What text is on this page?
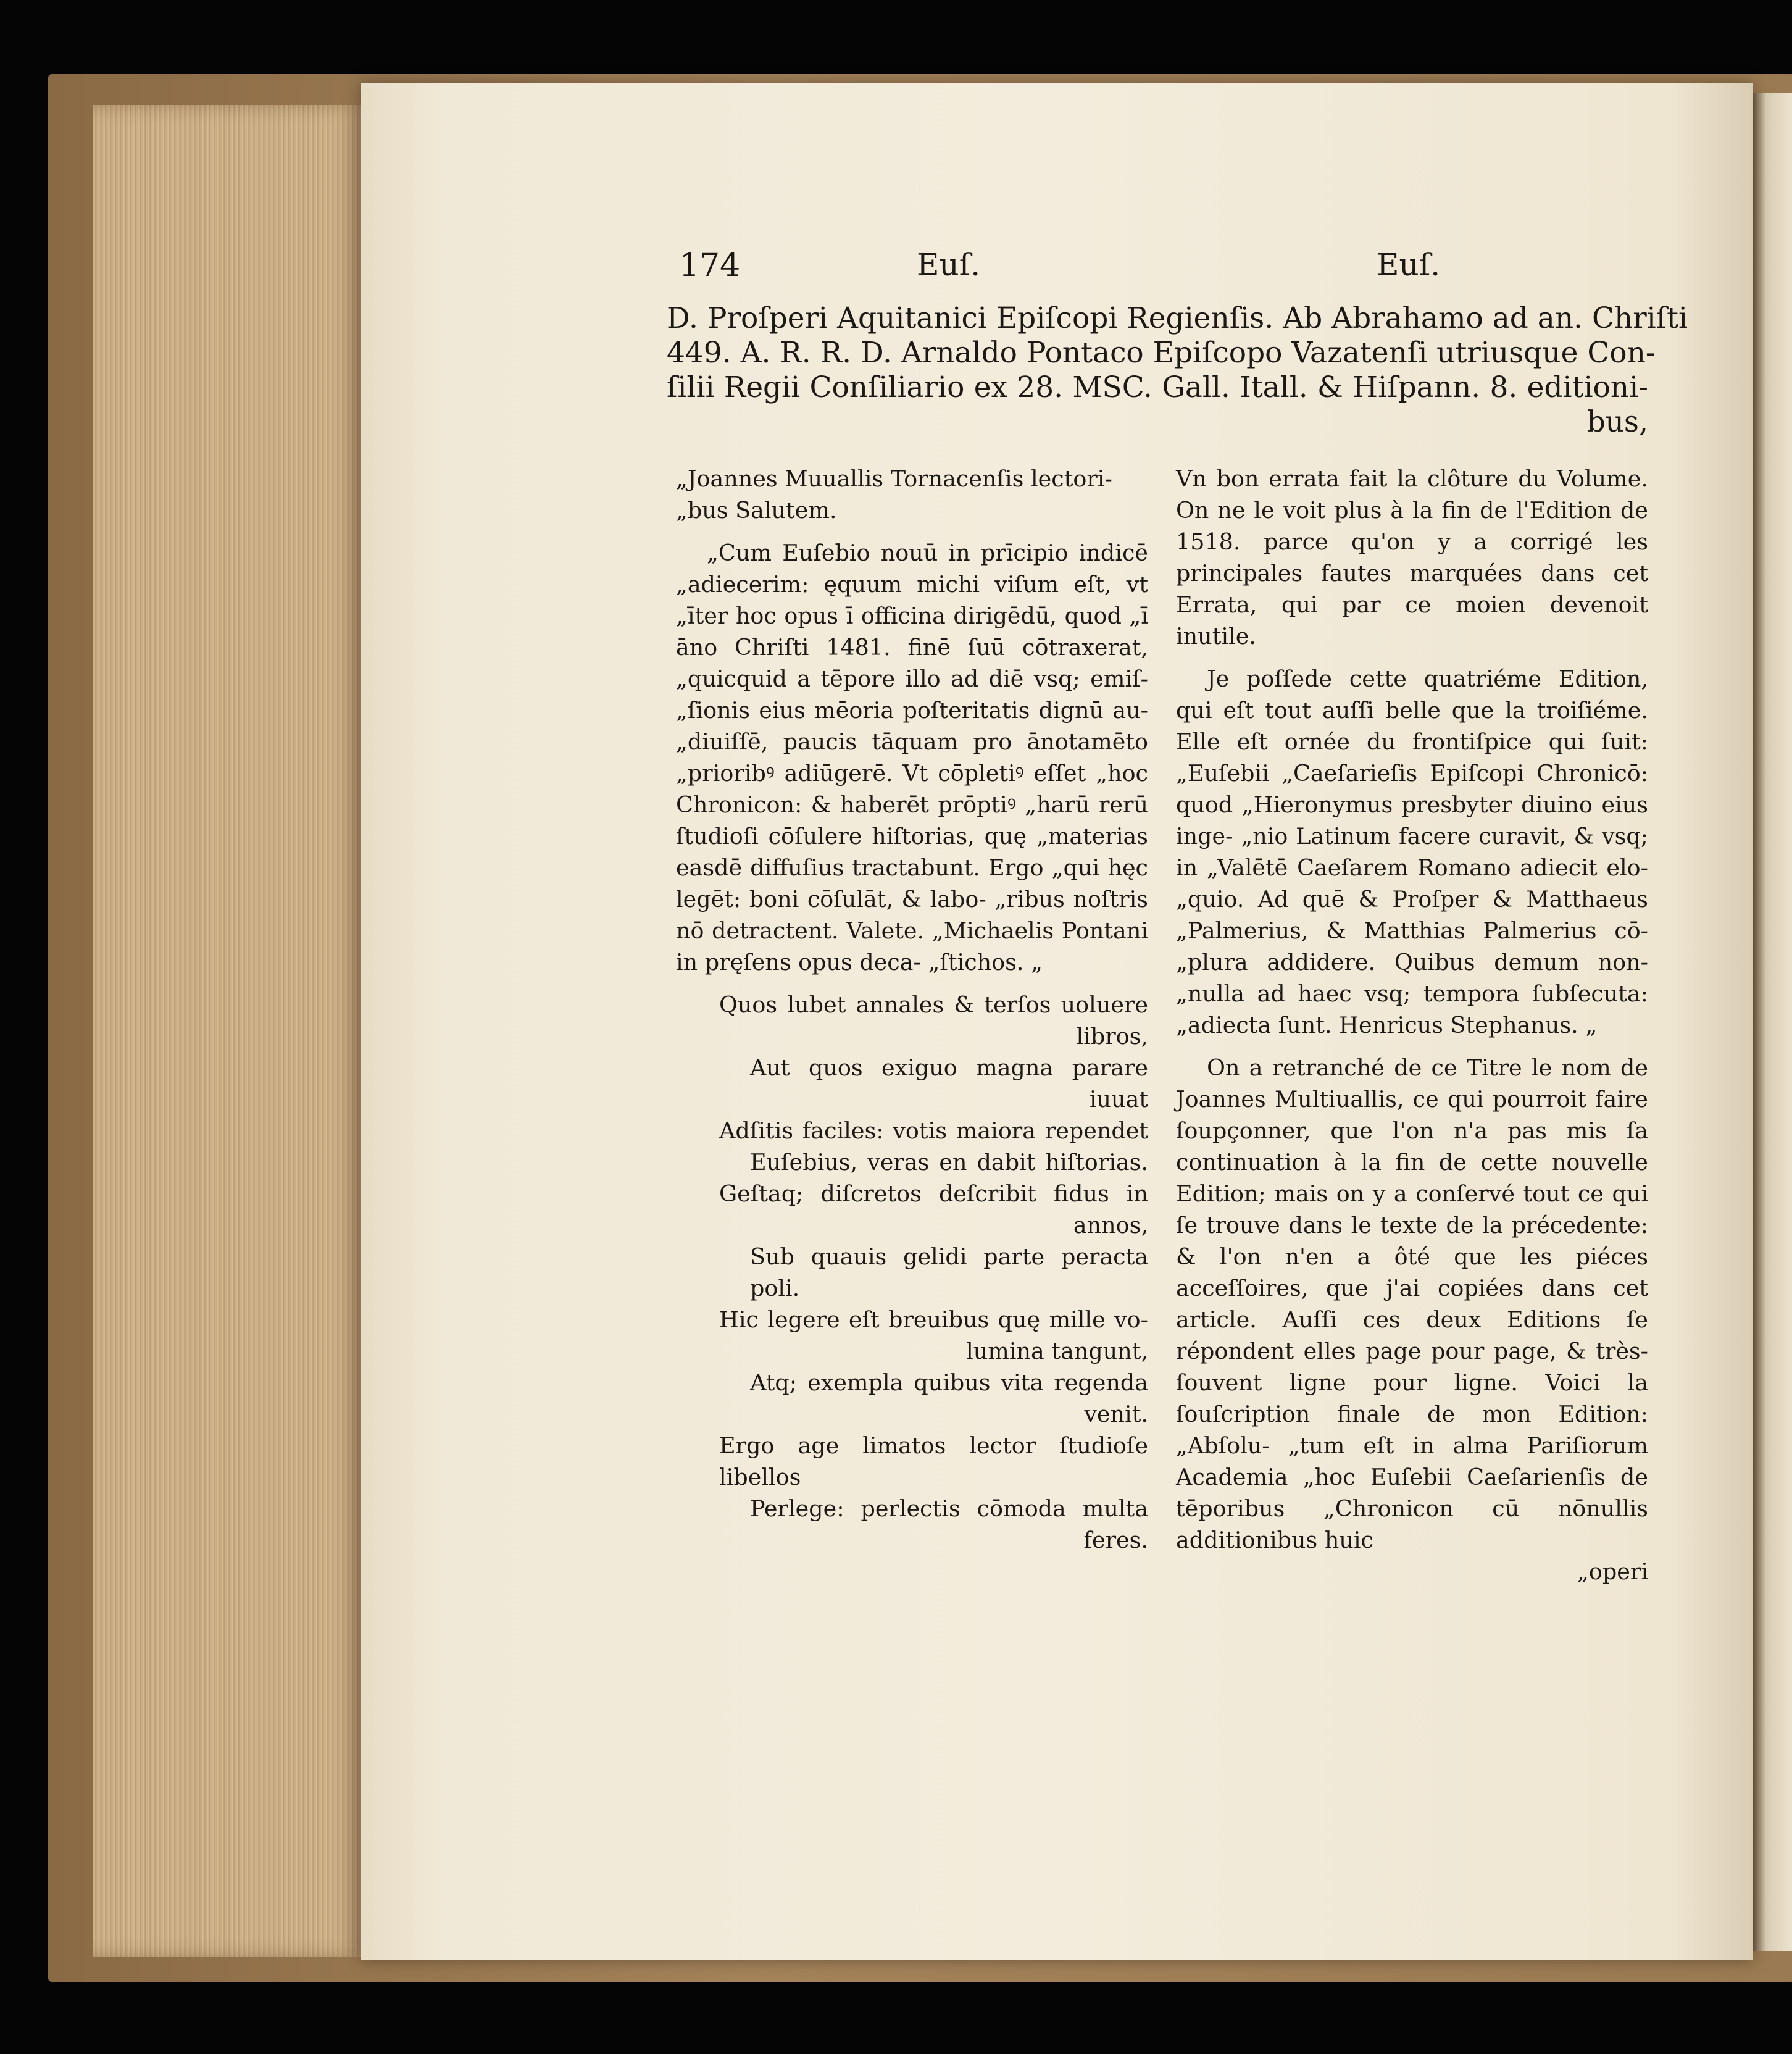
174	Euſ.	Euſ.
D. Proſperi Aquitanici Epiſcopi Regienſis. Ab Abrahamo ad an. Chriſti
449. A. R. R. D. Arnaldo Pontaco Epiſcopo Vazatenſi utriusque Con-
ſilii Regii Conſiliario ex 28. MSC. Gall. Itall. & Hiſpann. 8. editioni-
bus,

„Joannes Muuallis Tornacenſis lectori-
„bus Salutem.

„Cum Euſebio nouū in prīcipio indicē „adiecerim: ęquum michi viſum eſt, vt „īter hoc opus ī officina dirigēdū, quod „ī āno Chriſti 1481. finē ſuū cōtraxerat, „quicquid a tēpore illo ad diē vsq; emiſ- „ſionis eius mēoria poſteritatis dignū au- „diuiſſē, paucis tāquam pro ānotamēto „prioribꝰ adiūgerē. Vt cōpletiꝰ eſſet „hoc Chronicon: & haberēt prōptiꝰ „harū rerū ſtudioſi cōſulere hiſtorias, quę „materias easdē diffuſius tractabunt. Ergo „qui hęc legēt: boni cōſulāt, & labo- „ribus noſtris nō detractent. Valete. „Michaelis Pontani in pręſens opus deca- „ſtichos. „

Quos lubet annales & terſos uoluere
libros,
Aut quos exiguo magna parare
iuuat
Adſitis faciles: votis maiora rependet
Euſebius, veras en dabit hiſtorias.
Geſtaq; diſcretos deſcribit fidus in
annos,
Sub quauis gelidi parte peracta poli.
Hic legere eſt breuibus quę mille vo-
lumina tangunt,
Atq; exempla quibus vita regenda
venit.
Ergo age limatos lector ſtudioſe libellos
Perlege: perlectis cōmoda multa
feres.

Vn bon errata fait la clôture du Volume. On ne le voit plus à la fin de l'Edition de 1518. parce qu'on y a corrigé les principales fautes marquées dans cet Errata, qui par ce moien devenoit inutile.

Je poſſede cette quatriéme Edition, qui eſt tout auſſi belle que la troiſiéme. Elle eſt ornée du frontiſpice qui ſuit: „Euſebii „Caeſarieſis Epiſcopi Chronicō: quod „Hieronymus presbyter diuino eius inge- „nio Latinum facere curavit, & vsq; in „Valētē Caeſarem Romano adiecit elo- „quio. Ad quē & Proſper & Matthaeus „Palmerius, & Matthias Palmerius cō- „plura addidere. Quibus demum non- „nulla ad haec vsq; tempora ſubſecuta: „adiecta ſunt. Henricus Stephanus. „

On a retranché de ce Titre le nom de Joannes Multiuallis, ce qui pourroit faire ſoupçonner, que l'on n'a pas mis ſa continuation à la fin de cette nouvelle Edition; mais on y a conſervé tout ce qui ſe trouve dans le texte de la précedente: & l'on n'en a ôté que les piéces acceſſoires, que j'ai copiées dans cet article. Auſſi ces deux Editions ſe répondent elles page pour page, & très-ſouvent ligne pour ligne. Voici la ſouſcription finale de mon Edition: „Abſolu- „tum eſt in alma Pariſiorum Academia „hoc Euſebii Caeſarienſis de tēporibus „Chronicon cū nōnullis additionibus huic

„operi
